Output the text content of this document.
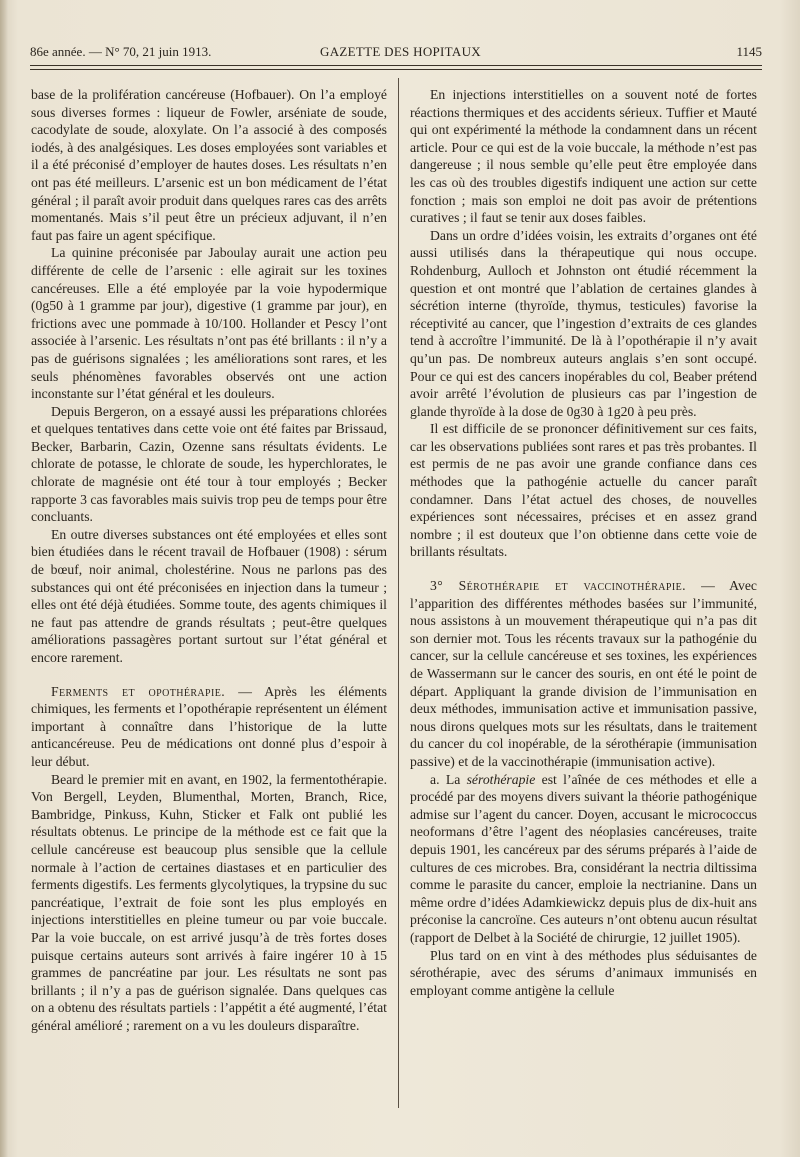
86e année. — N° 70, 21 juin 1913.	GAZETTE DES HOPITAUX	1145

base de la prolifération cancéreuse (Hofbauer). On l’a employé sous diverses formes : liqueur de Fowler, arséniate de soude, cacodylate de soude, aloxylate. On l’a associé à des composés iodés, à des analgésiques. Les doses employées sont variables et il a été préconisé d’employer de hautes doses. Les résultats n’en ont pas été meilleurs. L’arsenic est un bon médicament de l’état général ; il paraît avoir produit dans quelques rares cas des arrêts momentanés. Mais s’il peut être un précieux adjuvant, il n’en faut pas faire un agent spécifique.

La quinine préconisée par Jaboulay aurait une action peu différente de celle de l’arsenic : elle agirait sur les toxines cancéreuses. Elle a été employée par la voie hypodermique (0g50 à 1 gramme par jour), digestive (1 gramme par jour), en frictions avec une pommade à 10/100. Hollander et Pescy l’ont associée à l’arsenic. Les résultats n’ont pas été brillants : il n’y a pas de guérisons signalées ; les améliorations sont rares, et les seuls phénomènes favorables observés ont une action inconstante sur l’état général et les douleurs.

Depuis Bergeron, on a essayé aussi les préparations chlorées et quelques tentatives dans cette voie ont été faites par Brissaud, Becker, Barbarin, Cazin, Ozenne sans résultats évidents. Le chlorate de potasse, le chlorate de soude, les hyperchlorates, le chlorate de magnésie ont été tour à tour employés ; Becker rapporte 3 cas favorables mais suivis trop peu de temps pour être concluants.

En outre diverses substances ont été employées et elles sont bien étudiées dans le récent travail de Hofbauer (1908) : sérum de bœuf, noir animal, cholestérine. Nous ne parlons pas des substances qui ont été préconisées en injection dans la tumeur ; elles ont été déjà étudiées. Somme toute, des agents chimiques il ne faut pas attendre de grands résultats ; peut-être quelques améliorations passagères portant surtout sur l’état général et encore rarement.

Ferments et opothérapie. — Après les éléments chimiques, les ferments et l’opothérapie représentent un élément important à connaître dans l’historique de la lutte anticancéreuse. Peu de médications ont donné plus d’espoir à leur début.

Beard le premier mit en avant, en 1902, la fermentothérapie. Von Bergell, Leyden, Blumenthal, Morten, Branch, Rice, Bambridge, Pinkuss, Kuhn, Sticker et Falk ont publié les résultats obtenus. Le principe de la méthode est ce fait que la cellule cancéreuse est beaucoup plus sensible que la cellule normale à l’action de certaines diastases et en particulier des ferments digestifs. Les ferments glycolytiques, la trypsine du suc pancréatique, l’extrait de foie sont les plus employés en injections interstitielles en pleine tumeur ou par voie buccale. Par la voie buccale, on est arrivé jusqu’à de très fortes doses puisque certains auteurs sont arrivés à faire ingérer 10 à 15 grammes de pancréatine par jour. Les résultats ne sont pas brillants ; il n’y a pas de guérison signalée. Dans quelques cas on a obtenu des résultats partiels : l’appétit a été augmenté, l’état général amélioré ; rarement on a vu les douleurs disparaître.

En injections interstitielles on a souvent noté de fortes réactions thermiques et des accidents sérieux. Tuffier et Mauté qui ont expérimenté la méthode la condamnent dans un récent article. Pour ce qui est de la voie buccale, la méthode n’est pas dangereuse ; il nous semble qu’elle peut être employée dans les cas où des troubles digestifs indiquent une action sur cette fonction ; mais son emploi ne doit pas avoir de prétentions curatives ; il faut se tenir aux doses faibles.

Dans un ordre d’idées voisin, les extraits d’organes ont été aussi utilisés dans la thérapeutique qui nous occupe. Rohdenburg, Aulloch et Johnston ont étudié récemment la question et ont montré que l’ablation de certaines glandes à sécrétion interne (thyroïde, thymus, testicules) favorise la réceptivité au cancer, que l’ingestion d’extraits de ces glandes tend à accroître l’immunité. De là à l’opothérapie il n’y avait qu’un pas. De nombreux auteurs anglais s’en sont occupé. Pour ce qui est des cancers inopérables du col, Beaber prétend avoir arrêté l’évolution de plusieurs cas par l’ingestion de glande thyroïde à la dose de 0g30 à 1g20 à peu près.

Il est difficile de se prononcer définitivement sur ces faits, car les observations publiées sont rares et pas très probantes. Il est permis de ne pas avoir une grande confiance dans ces méthodes que la pathogénie actuelle du cancer paraît condamner. Dans l’état actuel des choses, de nouvelles expériences sont nécessaires, précises et en assez grand nombre ; il est douteux que l’on obtienne dans cette voie de brillants résultats.

3° Sérothérapie et vaccinothérapie. — Avec l’apparition des différentes méthodes basées sur l’immunité, nous assistons à un mouvement thérapeutique qui n’a pas dit son dernier mot. Tous les récents travaux sur la pathogénie du cancer, sur la cellule cancéreuse et ses toxines, les expériences de Wassermann sur le cancer des souris, en ont été le point de départ. Appliquant la grande division de l’immunisation en deux méthodes, immunisation active et immunisation passive, nous dirons quelques mots sur les résultats, dans le traitement du cancer du col inopérable, de la sérothérapie (immunisation passive) et de la vaccinothérapie (immunisation active).

a. La sérothérapie est l’aînée de ces méthodes et elle a procédé par des moyens divers suivant la théorie pathogénique admise sur l’agent du cancer. Doyen, accusant le micrococcus neoformans d’être l’agent des néoplasies cancéreuses, traite depuis 1901, les cancéreux par des sérums préparés à l’aide de cultures de ces microbes. Bra, considérant la nectria diltissima comme le parasite du cancer, emploie la nectrianine. Dans un même ordre d’idées Adamkiewickz depuis plus de dix-huit ans préconise la cancroïne. Ces auteurs n’ont obtenu aucun résultat (rapport de Delbet à la Société de chirurgie, 12 juillet 1905).

Plus tard on en vint à des méthodes plus séduisantes de sérothérapie, avec des sérums d’animaux immunisés en employant comme antigène la cellule
